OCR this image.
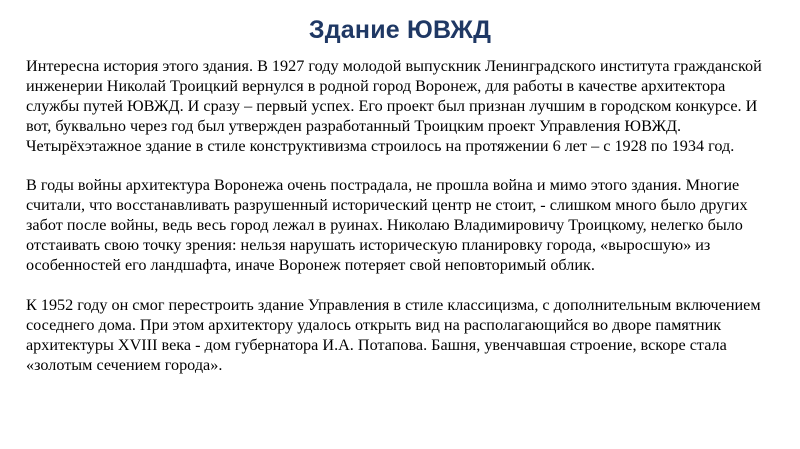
Здание ЮВЖД

Интересна история этого здания. В 1927 году молодой выпускник Ленинградского института гражданской инженерии Николай Троицкий вернулся в родной город Воронеж, для работы в качестве архитектора службы путей ЮВЖД. И сразу – первый успех. Его проект был признан лучшим в городском конкурсе. И вот, буквально через год был утвержден разработанный Троицким проект Управления ЮВЖД. Четырёхэтажное здание в стиле конструктивизма строилось на протяжении 6 лет – с 1928 по 1934 год.

В годы войны архитектура Воронежа очень пострадала, не прошла война и мимо этого здания. Многие считали, что восстанавливать разрушенный исторический центр не стоит, - слишком много было других забот после войны, ведь весь город лежал в руинах. Николаю Владимировичу Троицкому, нелегко было отстаивать свою точку зрения: нельзя нарушать историческую планировку города, «выросшую» из особенностей его ландшафта, иначе Воронеж потеряет свой неповторимый облик.

К 1952 году он смог перестроить здание Управления в стиле классицизма, с дополнительным включением соседнего дома. При этом архитектору удалось открыть вид на располагающийся во дворе памятник архитектуры XVIII века - дом губернатора И.А. Потапова. Башня, увенчавшая строение, вскоре стала «золотым сечением города».
